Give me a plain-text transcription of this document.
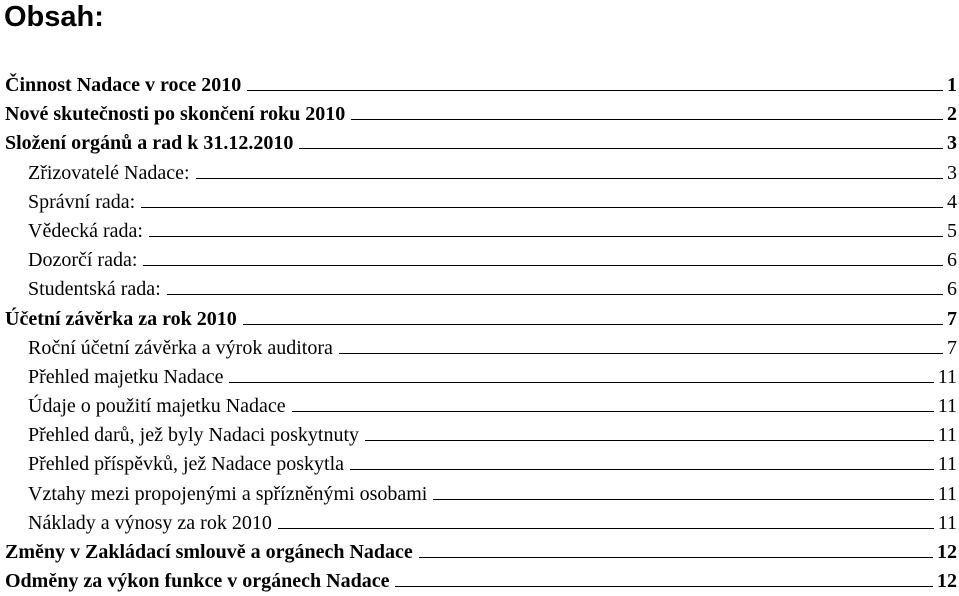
Obsah:
Činnost Nadace v roce 2010	1
Nové skutečnosti po skončení roku 2010	2
Složení orgánů a rad k 31.12.2010	3
Zřizovatelé Nadace:	3
Správní rada:	4
Vědecká rada:	5
Dozorčí rada:	6
Studentská rada:	6
Účetní závěrka za rok 2010	7
Roční účetní závěrka a výrok auditora	7
Přehled majetku Nadace	11
Údaje o použití majetku Nadace	11
Přehled darů, jež byly Nadaci poskytnuty	11
Přehled příspěvků, jež Nadace poskytla	11
Vztahy mezi propojenými a spřízněnými osobami	11
Náklady a výnosy za rok 2010	11
Změny v Zakládací smlouvě a orgánech Nadace	12
Odměny za výkon funkce v orgánech Nadace	12
